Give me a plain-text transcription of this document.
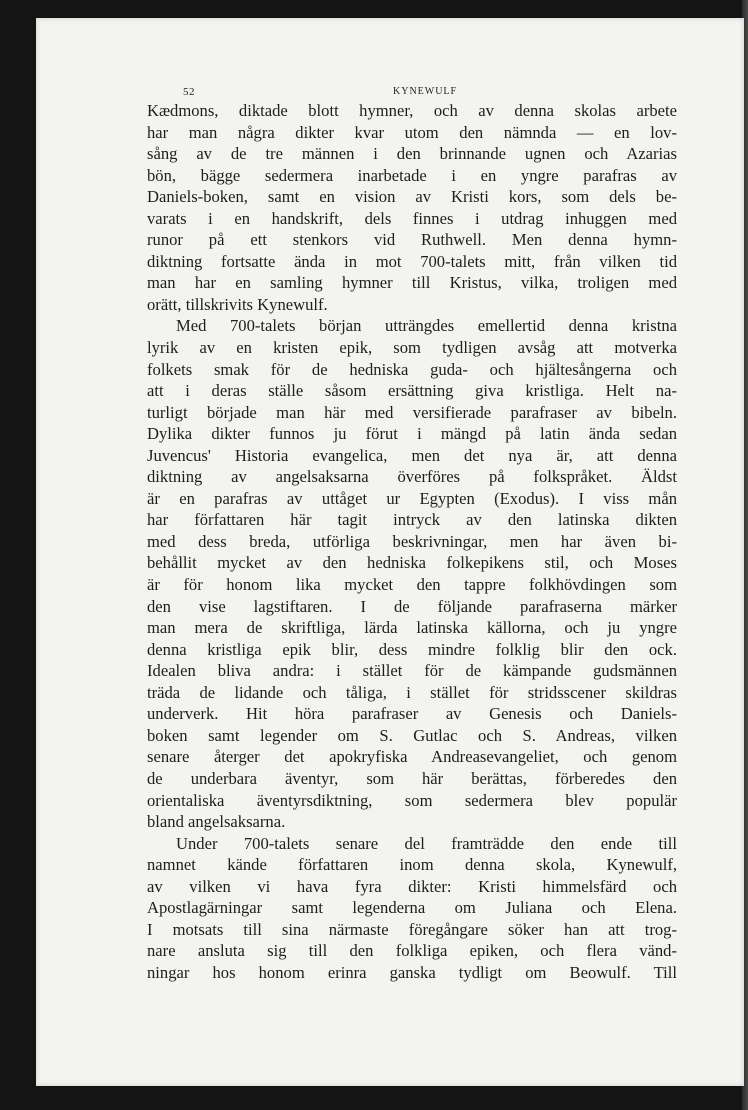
52	KYNEWULF
Kædmons, diktade blott hymner, och av denna skolas arbete
har man några dikter kvar utom den nämnda — en lov-
sång av de tre männen i den brinnande ugnen och Azarias
bön, bägge sedermera inarbetade i en yngre parafras av
Daniels-boken, samt en vision av Kristi kors, som dels be-
varats i en handskrift, dels finnes i utdrag inhuggen med
runor på ett stenkors vid Ruthwell. Men denna hymn-
diktning fortsatte ända in mot 700-talets mitt, från vilken tid
man har en samling hymner till Kristus, vilka, troligen med
orätt, tillskrivits Kynewulf.
Med 700-talets början utträngdes emellertid denna kristna
lyrik av en kristen epik, som tydligen avsåg att motverka
folkets smak för de hedniska guda- och hjältesångerna och
att i deras ställe såsom ersättning giva kristliga. Helt na-
turligt började man här med versifierade parafraser av bibeln.
Dylika dikter funnos ju förut i mängd på latin ända sedan
Juvencus' Historia evangelica, men det nya är, att denna
diktning av angelsaksarna överföres på folkspråket. Äldst
är en parafras av uttåget ur Egypten (Exodus). I viss mån
har författaren här tagit intryck av den latinska dikten
med dess breda, utförliga beskrivningar, men har även bi-
behållit mycket av den hedniska folkepikens stil, och Moses
är för honom lika mycket den tappre folkhövdingen som
den vise lagstiftaren. I de följande parafraserna märker
man mera de skriftliga, lärda latinska källorna, och ju yngre
denna kristliga epik blir, dess mindre folklig blir den ock.
Idealen bliva andra: i stället för de kämpande gudsmännen
träda de lidande och tåliga, i stället för stridsscener skildras
underverk. Hit höra parafraser av Genesis och Daniels-
boken samt legender om S. Gutlac och S. Andreas, vilken
senare återger det apokryfiska Andreasevangeliet, och genom
de underbara äventyr, som här berättas, förberedes den
orientaliska äventyrsdiktning, som sedermera blev populär
bland angelsaksarna.
Under 700-talets senare del framträdde den ende till
namnet kände författaren inom denna skola, Kynewulf,
av vilken vi hava fyra dikter: Kristi himmelsfärd och
Apostlagärningar samt legenderna om Juliana och Elena.
I motsats till sina närmaste föregångare söker han att trog-
nare ansluta sig till den folkliga epiken, och flera vänd-
ningar hos honom erinra ganska tydligt om Beowulf. Till
